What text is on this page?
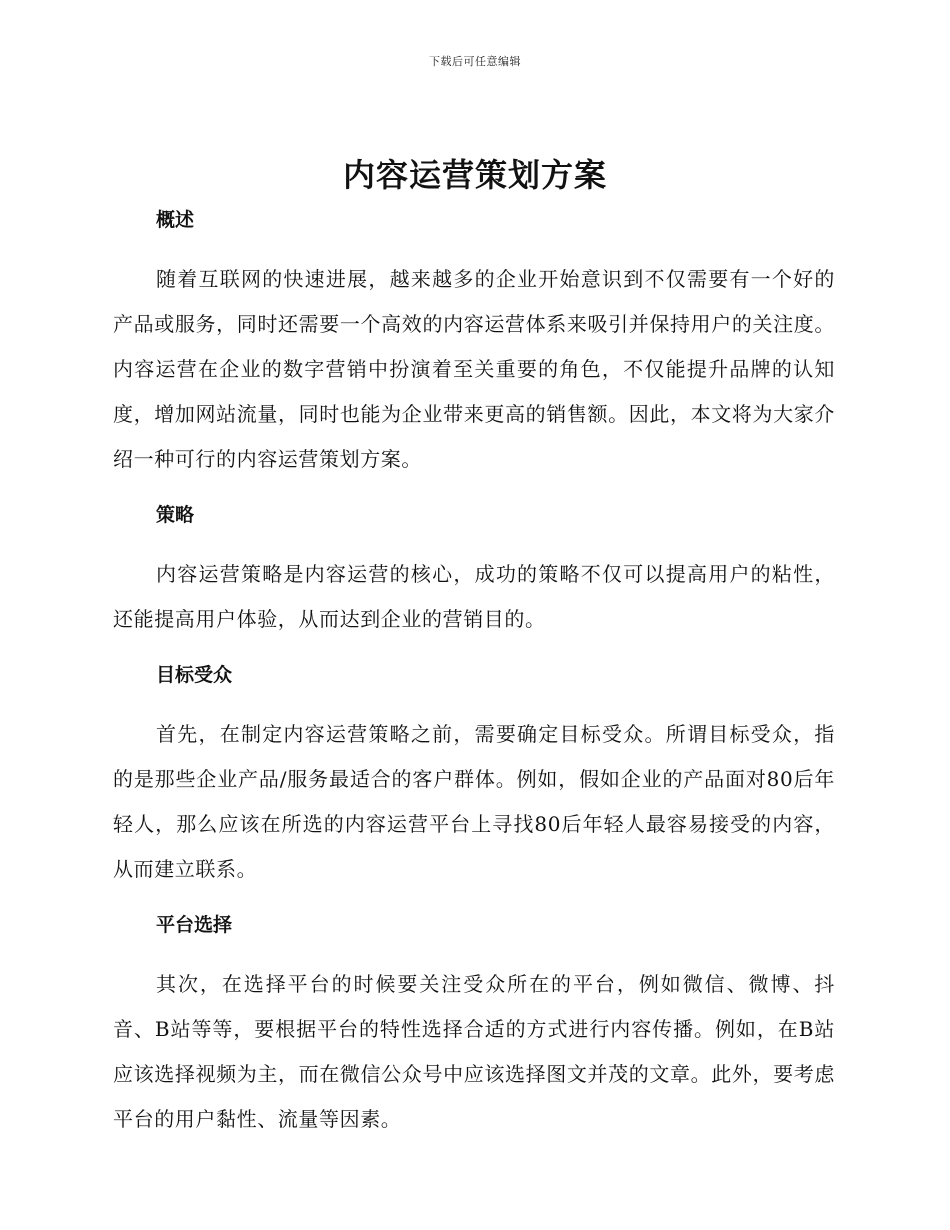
下载后可任意编辑
内容运营策划方案
概述

随着互联网的快速进展，越来越多的企业开始意识到不仅需要有一个好的产品或服务，同时还需要一个高效的内容运营体系来吸引并保持用户的关注度。内容运营在企业的数字营销中扮演着至关重要的角色，不仅能提升品牌的认知度，增加网站流量，同时也能为企业带来更高的销售额。因此，本文将为大家介绍一种可行的内容运营策划方案。

策略

内容运营策略是内容运营的核心，成功的策略不仅可以提高用户的粘性，还能提高用户体验，从而达到企业的营销目的。

目标受众

首先，在制定内容运营策略之前，需要确定目标受众。所谓目标受众，指的是那些企业产品/服务最适合的客户群体。例如，假如企业的产品面对80后年轻人，那么应该在所选的内容运营平台上寻找80后年轻人最容易接受的内容，从而建立联系。

平台选择

其次，在选择平台的时候要关注受众所在的平台，例如微信、微博、抖音、B站等等，要根据平台的特性选择合适的方式进行内容传播。例如，在B站应该选择视频为主，而在微信公众号中应该选择图文并茂的文章。此外，要考虑平台的用户黏性、流量等因素。
